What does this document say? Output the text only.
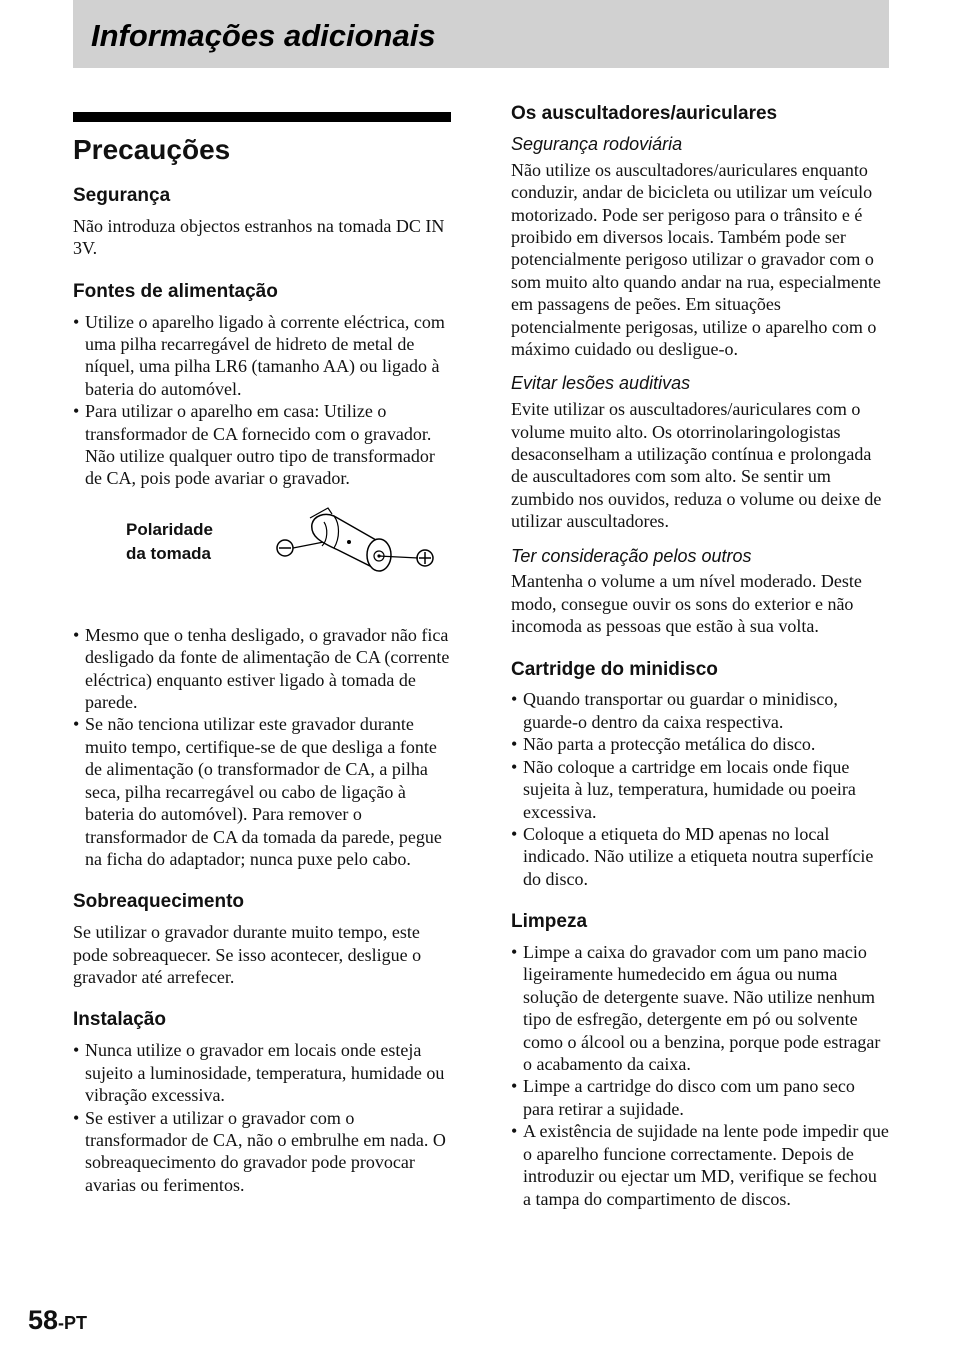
Informações adicionais
Precauções
Segurança

Não introduza objectos estranhos na tomada DC IN 3V.

Fontes de alimentação
• Utilize o aparelho ligado à corrente eléctrica, com uma pilha recarregável de hidreto de metal de níquel, uma pilha LR6 (tamanho AA) ou ligado à bateria do automóvel.
• Para utilizar o aparelho em casa: Utilize o transformador de CA fornecido com o gravador. Não utilize qualquer outro tipo de transformador de CA, pois pode avariar o gravador.
Polaridade
da tomada
• Mesmo que o tenha desligado, o gravador não fica desligado da fonte de alimentação de CA (corrente eléctrica) enquanto estiver ligado à tomada de parede.
• Se não tenciona utilizar este gravador durante muito tempo, certifique-se de que desliga a fonte de alimentação (o transformador de CA, a pilha seca, pilha recarregável ou cabo de ligação à bateria do automóvel). Para remover o transformador de CA da tomada da parede, pegue na ficha do adaptador; nunca puxe pelo cabo.
Sobreaquecimento

Se utilizar o gravador durante muito tempo, este pode sobreaquecer. Se isso acontecer, desligue o gravador até arrefecer.

Instalação
• Nunca utilize o gravador em locais onde esteja sujeito a luminosidade, temperatura, humidade ou vibração excessiva.
• Se estiver a utilizar o gravador com o transformador de CA, não o embrulhe em nada. O sobreaquecimento do gravador pode provocar avarias ou ferimentos.
Os auscultadores/auriculares
Segurança rodoviária

Não utilize os auscultadores/auriculares enquanto conduzir, andar de bicicleta ou utilizar um veículo motorizado. Pode ser perigoso para o trânsito e é proibido em diversos locais. Também pode ser potencialmente perigoso utilizar o gravador com o som muito alto quando andar na rua, especialmente em passagens de peões. Em situações potencialmente perigosas, utilize o aparelho com o máximo cuidado ou desligue-o.

Evitar lesões auditivas

Evite utilizar os auscultadores/auriculares com o volume muito alto. Os otorrinolaringologistas desaconselham a utilização contínua e prolongada de auscultadores com som alto. Se sentir um zumbido nos ouvidos, reduza o volume ou deixe de utilizar auscultadores.

Ter consideração pelos outros

Mantenha o volume a um nível moderado. Deste modo, consegue ouvir os sons do exterior e não incomoda as pessoas que estão à sua volta.

Cartridge do minidisco
• Quando transportar ou guardar o minidisco, guarde-o dentro da caixa respectiva.
• Não parta a protecção metálica do disco.
• Não coloque a cartridge em locais onde fique sujeita à luz, temperatura, humidade ou poeira excessiva.
• Coloque a etiqueta do MD apenas no local indicado. Não utilize a etiqueta noutra superfície do disco.
Limpeza
• Limpe a caixa do gravador com um pano macio ligeiramente humedecido em água ou numa solução de detergente suave. Não utilize nenhum tipo de esfregão, detergente em pó ou solvente como o álcool ou a benzina, porque pode estragar o acabamento da caixa.
• Limpe a cartridge do disco com um pano seco para retirar a sujidade.
• A existência de sujidade na lente pode impedir que o aparelho funcione correctamente. Depois de introduzir ou ejectar um MD, verifique se fechou a tampa do compartimento de discos.
58-PT
